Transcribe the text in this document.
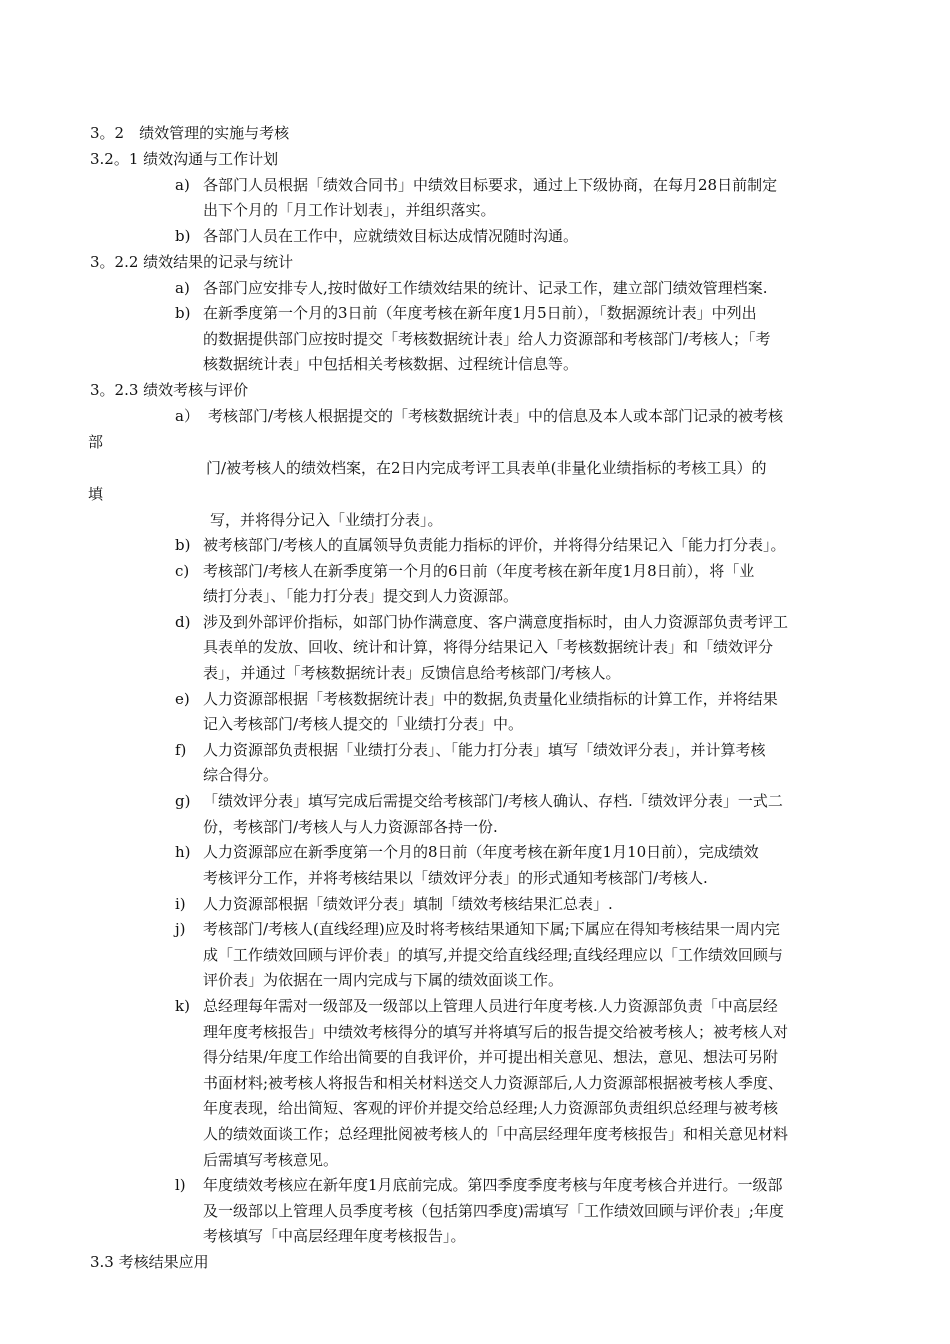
3。2　绩效管理的实施与考核
3.2。1 绩效沟通与工作计划
a) 各部门人员根据「绩效合同书」中绩效目标要求，通过上下级协商，在每月28日前制定
出下个月的「月工作计划表」，并组织落实。
b) 各部门人员在工作中，应就绩效目标达成情况随时沟通。
3。2.2 绩效结果的记录与统计
a) 各部门应安排专人,按时做好工作绩效结果的统计、记录工作，建立部门绩效管理档案.
b) 在新季度第一个月的3日前（年度考核在新年度1月5日前），「数据源统计表」中列出
的数据提供部门应按时提交「考核数据统计表」给人力资源部和考核部门/考核人；「考
核数据统计表」中包括相关考核数据、过程统计信息等。
3。2.3 绩效考核与评价
a） 考核部门/考核人根据提交的「考核数据统计表」中的信息及本人或本部门记录的被考核
部
门/被考核人的绩效档案，在2日内完成考评工具表单(非量化业绩指标的考核工具）的
填
写，并将得分记入「业绩打分表」。
b) 被考核部门/考核人的直属领导负责能力指标的评价，并将得分结果记入「能力打分表」。
c) 考核部门/考核人在新季度第一个月的6日前（年度考核在新年度1月8日前），将「业
绩打分表」、「能力打分表」提交到人力资源部。
d) 涉及到外部评价指标，如部门协作满意度、客户满意度指标时，由人力资源部负责考评工
具表单的发放、回收、统计和计算，将得分结果记入「考核数据统计表」和「绩效评分
表」，并通过「考核数据统计表」反馈信息给考核部门/考核人。
e) 人力资源部根据「考核数据统计表」中的数据,负责量化业绩指标的计算工作，并将结果
记入考核部门/考核人提交的「业绩打分表」中。
f) 人力资源部负责根据「业绩打分表」、「能力打分表」填写「绩效评分表」，并计算考核
综合得分。
g) 「绩效评分表」填写完成后需提交给考核部门/考核人确认、存档.「绩效评分表」一式二
份，考核部门/考核人与人力资源部各持一份.
h) 人力资源部应在新季度第一个月的8日前（年度考核在新年度1月10日前），完成绩效
考核评分工作，并将考核结果以「绩效评分表」的形式通知考核部门/考核人.
i) 人力资源部根据「绩效评分表」填制「绩效考核结果汇总表」.
j) 考核部门/考核人(直线经理)应及时将考核结果通知下属;下属应在得知考核结果一周内完
成「工作绩效回顾与评价表」的填写,并提交给直线经理;直线经理应以「工作绩效回顾与
评价表」为依据在一周内完成与下属的绩效面谈工作。
k) 总经理每年需对一级部及一级部以上管理人员进行年度考核.人力资源部负责「中高层经
理年度考核报告」中绩效考核得分的填写并将填写后的报告提交给被考核人；被考核人对
得分结果/年度工作给出简要的自我评价，并可提出相关意见、想法，意见、想法可另附
书面材料;被考核人将报告和相关材料送交人力资源部后,人力资源部根据被考核人季度、
年度表现，给出简短、客观的评价并提交给总经理;人力资源部负责组织总经理与被考核
人的绩效面谈工作；总经理批阅被考核人的「中高层经理年度考核报告」和相关意见材料
后需填写考核意见。
l) 年度绩效考核应在新年度1月底前完成。第四季度季度考核与年度考核合并进行。一级部
及一级部以上管理人员季度考核（包括第四季度)需填写「工作绩效回顾与评价表」;年度
考核填写「中高层经理年度考核报告」。
3.3 考核结果应用
